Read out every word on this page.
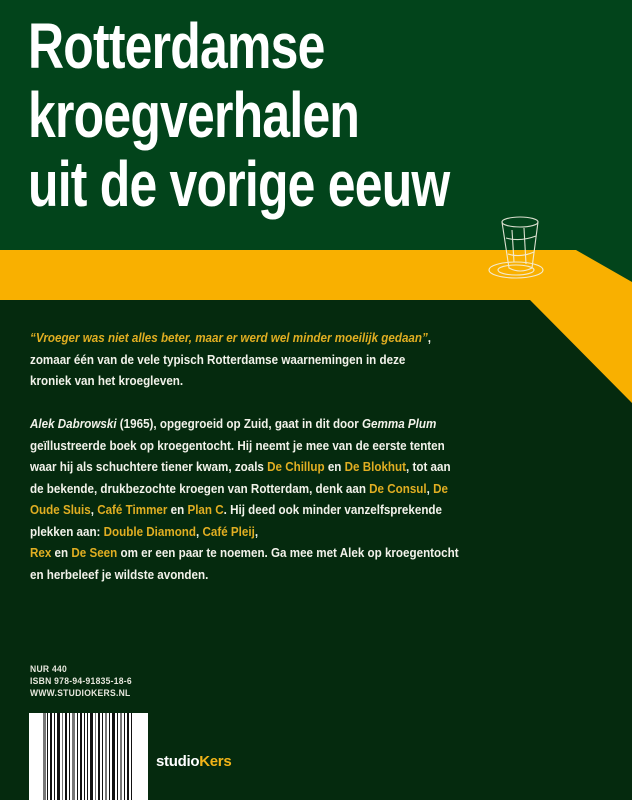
Rotterdamse
kroegverhalen
uit de vorige eeuw
“Vroeger was niet alles beter, maar er werd wel minder moeilijk gedaan”,
zomaar één van de vele typisch Rotterdamse waarnemingen in deze kroniek van het kroegleven.
Alek Dabrowski (1965), opgegroeid op Zuid, gaat in dit door Gemma Plum geïllustreerde boek op kroegentocht. Hij neemt je mee van de eerste tenten waar hij als schuchtere tiener kwam, zoals De Chillup en De Blokhut, tot aan de bekende, drukbezochte kroegen van Rotterdam, denk aan De Consul, De Oude Sluis, Café Timmer en Plan C. Hij deed ook minder vanzelfsprekende plekken aan: Double Diamond, Café Pleij,
Rex en De Seen om er een paar te noemen. Ga mee met Alek op kroegentocht en herbeleef je wildste avonden.
NUR 440
ISBN 978-94-91835-18-6
WWW.STUDIOKERS.NL
studioKers
